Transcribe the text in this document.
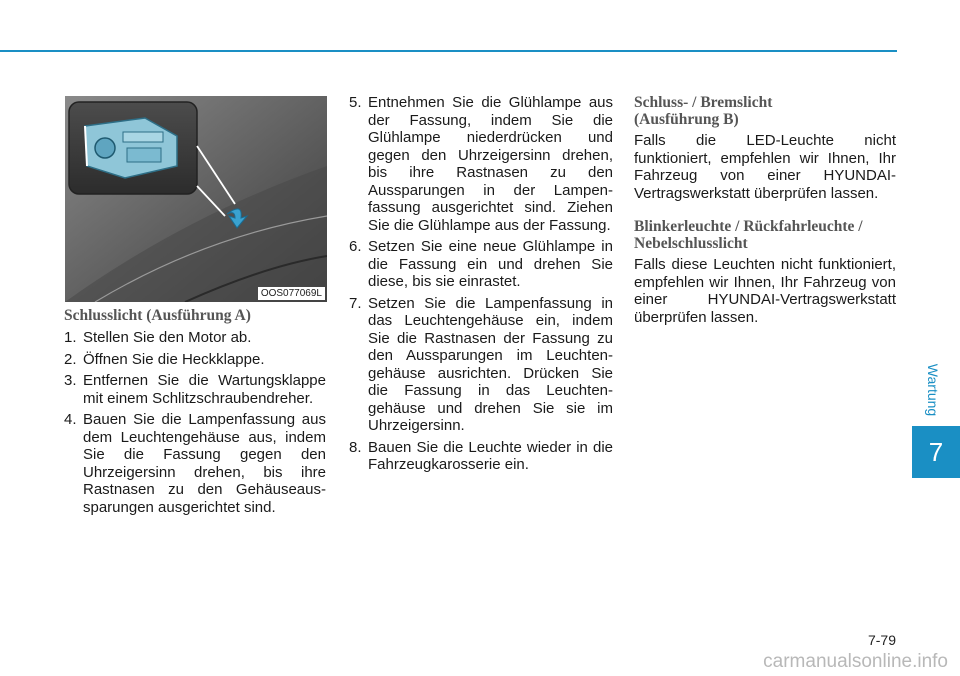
OOS077069L
Schlusslicht (Ausführung A)
1. Stellen Sie den Motor ab.
2. Öffnen Sie die Heckklappe.
3. Entfernen Sie die Wartungsklappe mit einem Schlitzschraubendreher.
4. Bauen Sie die Lampenfassung aus dem Leuchtengehäuse aus, indem Sie die Fassung gegen den Uhrzeigersinn drehen, bis ihre Rastnasen zu den Gehäuseaus-sparungen ausgerichtet sind.
5. Entnehmen Sie die Glühlampe aus der Fassung, indem Sie die Glühlampe niederdrücken und gegen den Uhrzeigersinn drehen, bis ihre Rastnasen zu den Aussparungen in der Lampen-fassung ausgerichtet sind. Ziehen Sie die Glühlampe aus der Fassung.
6. Setzen Sie eine neue Glühlampe in die Fassung ein und drehen Sie diese, bis sie einrastet.
7. Setzen Sie die Lampenfassung in das Leuchtengehäuse ein, indem Sie die Rastnasen der Fassung zu den Aussparungen im Leuchten-gehäuse ausrichten. Drücken Sie die Fassung in das Leuchten-gehäuse und drehen Sie sie im Uhrzeigersinn.
8. Bauen Sie die Leuchte wieder in die Fahrzeugkarosserie ein.
Schluss- / Bremslicht
(Ausführung B)
Falls die LED-Leuchte nicht funktioniert, empfehlen wir Ihnen, Ihr Fahrzeug von einer HYUNDAI-Vertragswerkstatt überprüfen lassen.
Blinkerleuchte / Rückfahrleuchte /
Nebelschlusslicht
Falls diese Leuchten nicht funktioniert, empfehlen wir Ihnen, Ihr Fahrzeug von einer HYUNDAI-Vertragswerkstatt überprüfen lassen.
Wartung
7
7-79
carmanualsonline.info
